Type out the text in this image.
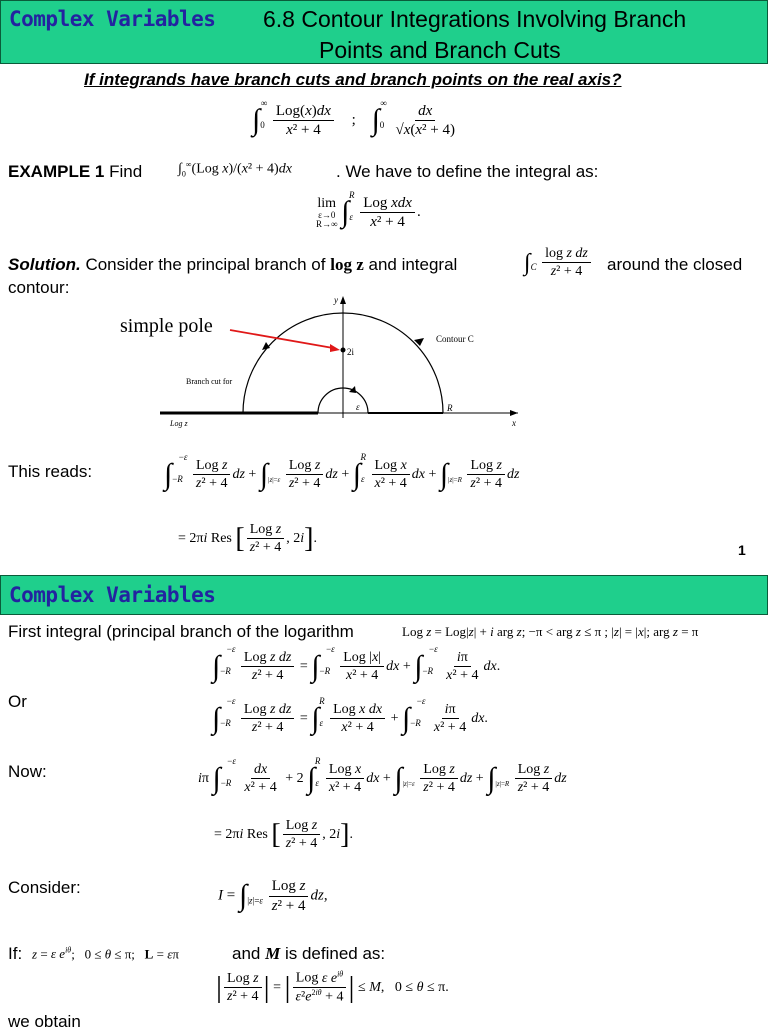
Complex Variables 6.8 Contour Integrations Involving Branch
Points and Branch Cuts
If integrands have branch cuts and branch points on the real axis?
$\int_0^\infty \frac{\text{Log(x)dx}}{\text{x² + 4}}$ ; $\int_0^\infty \frac{dx}{\text{√x(x² + 4)}}$
EXAMPLE 1 Find	$\int_0^\infty(Log$ x)/(x² + 4)dx	. We have to define the integral as:
lim
ε→0
R→∞ $\int_\varepsilon^R \frac{\text{Log xdx}}{\text{x² + 4}}$ .
Solution. Consider the principal branch of log z and integral	$\int_C \frac{\text{log z dz}}{\text{z² + 4}}$ around the closed
contour:
2i
simple pole
Contour C
Branch cut for
Log z
ε	R
x
y
This reads: $\int_{-R}^{-\varepsilon}$
$\frac{\text{Log z}}{\text{z² + 4}}$ dz + $\int_{|z|=\varepsilon} \frac{\text{Log z}}{\text{z² + 4}}$ dz + $\int_\varepsilon^R$
$\frac{\text{Log x}}{\text{x² + 4}}$ dx + $\int_{|z|=R} \frac{\text{Log z}}{\text{z² + 4}}$ dz
= 2πi Res [ $\frac{\text{Log z}}{\text{z² + 4}}$ , 2i].
1
Complex Variables
First integral (principal branch of the logarithm	Log z = Log|z| + i arg z; −π < arg z ≤ π ; |z| = |x|; arg z = π
$\int_{-R}^{-\varepsilon}$
$\frac{\text{Log z dz}}{\text{z² + 4}} = \int_{-R}^{-\varepsilon}$
$\frac{\text{Log |x|}}{\text{x² + 4}}$ dx + $\int_{-R}^{-\varepsilon}$
$\frac{i\pi}{\text{x² + 4}}$ dx.
Or
$\int_{-R}^{-\varepsilon}$
$\frac{\text{Log z dz}}{\text{z² + 4}} = \int_\varepsilon^R$
$\frac{\text{Log x dx}}{\text{x² + 4}} + \int_{-R}^{-\varepsilon}$
$\frac{i\pi}{\text{x² + 4}}$ dx.
Now:	iπ $\int_{-R}^{-\varepsilon}$
$\frac{dx}{\text{x² + 4}} + 2$ $\int_\varepsilon^R$
$\frac{\text{Log x}}{\text{x² + 4}}$ dx + $\int_{|z|=\varepsilon} \frac{\text{Log z}}{\text{z² + 4}}$ dz + $\int_{|z|=R} \frac{\text{Log z}}{\text{z² + 4}}$ dz
= 2πi Res [ $\frac{\text{Log z}}{\text{z² + 4}}$ , 2i].
Consider:	$I = \int_{|z|=\varepsilon} \frac{\text{Log z}}{\text{z² + 4}}$ dz,
If: z = ε $e^{i\theta}$;   0 ≤ θ ≤ π;   L = επ	and M is defined as:
| $\frac{\text{Log z}}{\text{z² + 4}}$ | = | $\frac{Log \varepsilon e^{i\theta}}{\varepsilon^2e^{2i\theta} + 4}$ | ≤ M,   0 ≤ θ ≤ π.
we obtain
